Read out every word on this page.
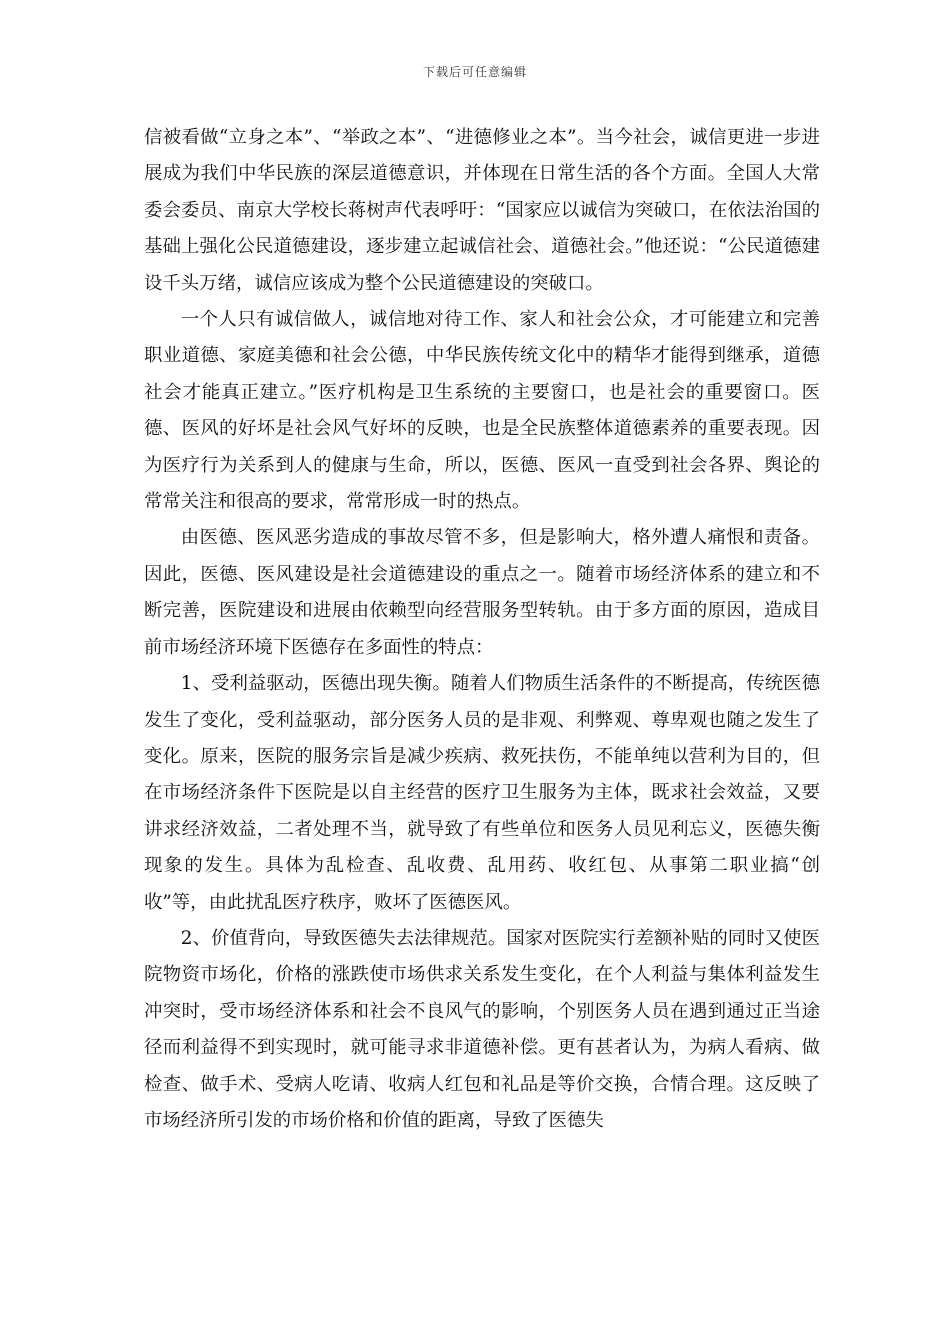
下载后可任意编辑

信被看做“立身之本”、“举政之本”、“进德修业之本”。当今社会，诚信更进一步进展成为我们中华民族的深层道德意识，并体现在日常生活的各个方面。全国人大常委会委员、南京大学校长蒋树声代表呼吁：“国家应以诚信为突破口，在依法治国的基础上强化公民道德建设，逐步建立起诚信社会、道德社会。”他还说：“公民道德建设千头万绪，诚信应该成为整个公民道德建设的突破口。

一个人只有诚信做人，诚信地对待工作、家人和社会公众，才可能建立和完善职业道德、家庭美德和社会公德，中华民族传统文化中的精华才能得到继承，道德社会才能真正建立。”医疗机构是卫生系统的主要窗口，也是社会的重要窗口。医德、医风的好坏是社会风气好坏的反映，也是全民族整体道德素养的重要表现。因为医疗行为关系到人的健康与生命，所以，医德、医风一直受到社会各界、舆论的常常关注和很高的要求，常常形成一时的热点。

由医德、医风恶劣造成的事故尽管不多，但是影响大，格外遭人痛恨和责备。因此，医德、医风建设是社会道德建设的重点之一。随着市场经济体系的建立和不断完善，医院建设和进展由依赖型向经营服务型转轨。由于多方面的原因，造成目前市场经济环境下医德存在多面性的特点：

1、受利益驱动，医德出现失衡。随着人们物质生活条件的不断提高，传统医德发生了变化，受利益驱动，部分医务人员的是非观、利弊观、尊卑观也随之发生了变化。原来，医院的服务宗旨是减少疾病、救死扶伤，不能单纯以营利为目的，但在市场经济条件下医院是以自主经营的医疗卫生服务为主体，既求社会效益，又要讲求经济效益，二者处理不当，就导致了有些单位和医务人员见利忘义，医德失衡现象的发生。具体为乱检查、乱收费、乱用药、收红包、从事第二职业搞“创收”等，由此扰乱医疗秩序，败坏了医德医风。

2、价值背向，导致医德失去法律规范。国家对医院实行差额补贴的同时又使医院物资市场化，价格的涨跌使市场供求关系发生变化，在个人利益与集体利益发生冲突时，受市场经济体系和社会不良风气的影响，个别医务人员在遇到通过正当途径而利益得不到实现时，就可能寻求非道德补偿。更有甚者认为，为病人看病、做检查、做手术、受病人吃请、收病人红包和礼品是等价交换，合情合理。这反映了市场经济所引发的市场价格和价值的距离，导致了医德失
